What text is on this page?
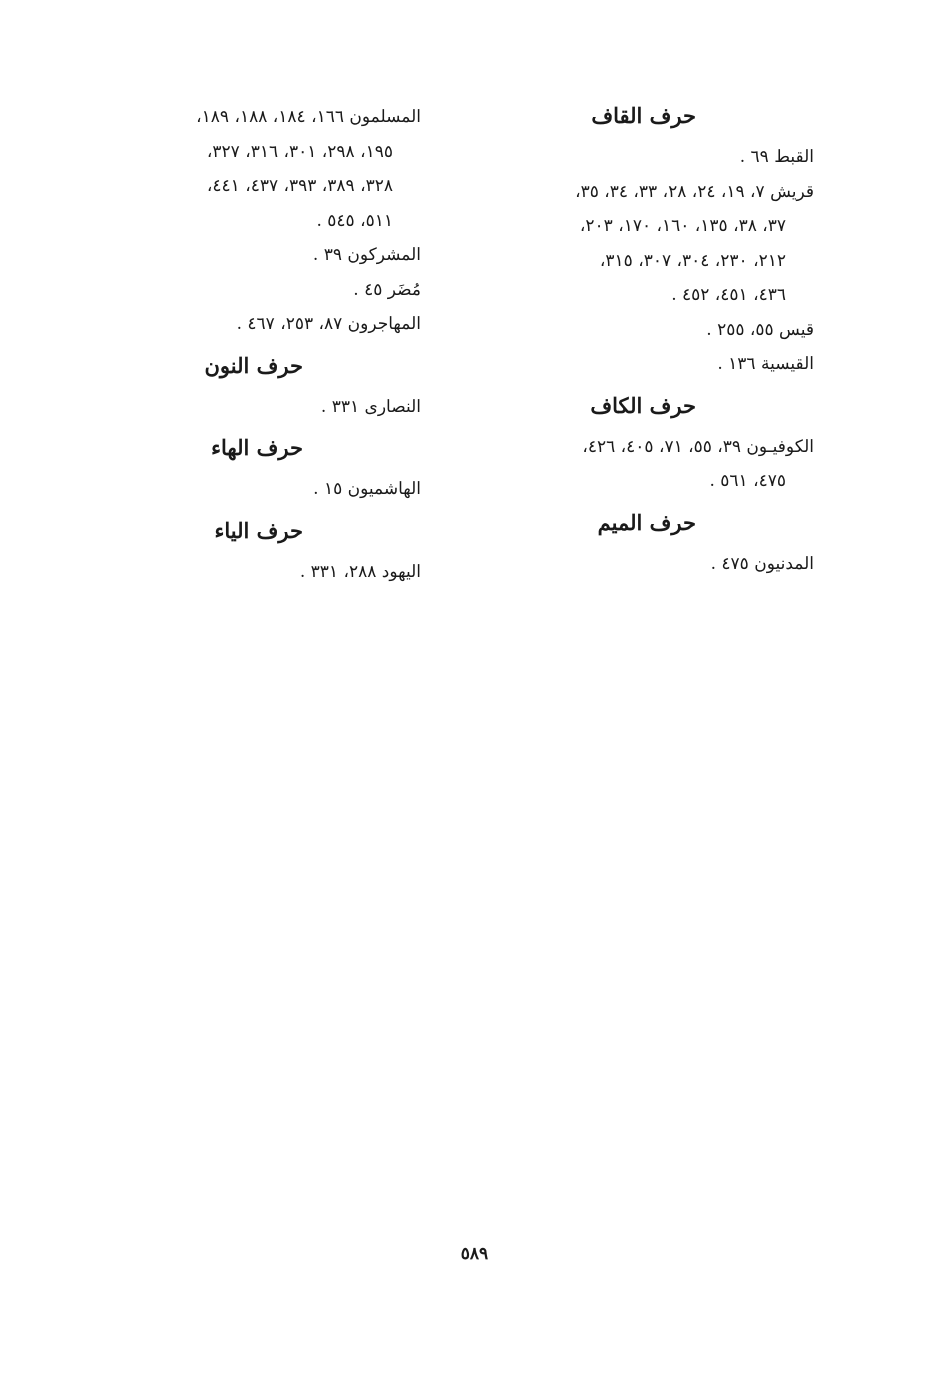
حرف القاف
القبط ٦٩ .
قريش ٧، ١٩، ٢٤، ٢٨، ٣٣، ٣٤، ٣٥،
٣٧، ٣٨، ١٣٥، ١٦٠، ١٧٠، ٢٠٣،
٢١٢، ٢٣٠، ٣٠٤، ٣٠٧، ٣١٥،
٤٣٦، ٤٥١، ٤٥٢ .
قيس ٥٥، ٢٥٥ .
القيسية ١٣٦ .
حرف الكاف
الكوفيـون ٣٩، ٥٥، ٧١، ٤٠٥، ٤٢٦،
٤٧٥، ٥٦١ .
حرف الميم
المدنيون ٤٧٥ .
المسلمون ١٦٦، ١٨٤، ١٨٨، ١٨٩،
١٩٥، ٢٩٨، ٣٠١، ٣١٦، ٣٢٧،
٣٢٨، ٣٨٩، ٣٩٣، ٤٣٧، ٤٤١،
٥١١، ٥٤٥ .
المشركون ٣٩ .
مُضَر ٤٥ .
المهاجرون ٨٧، ٢٥٣، ٤٦٧ .
حرف النون
النصارى ٣٣١ .
حرف الهاء
الهاشميون ١٥ .
حرف الياء
اليهود ٢٨٨، ٣٣١ .
٥٨٩
